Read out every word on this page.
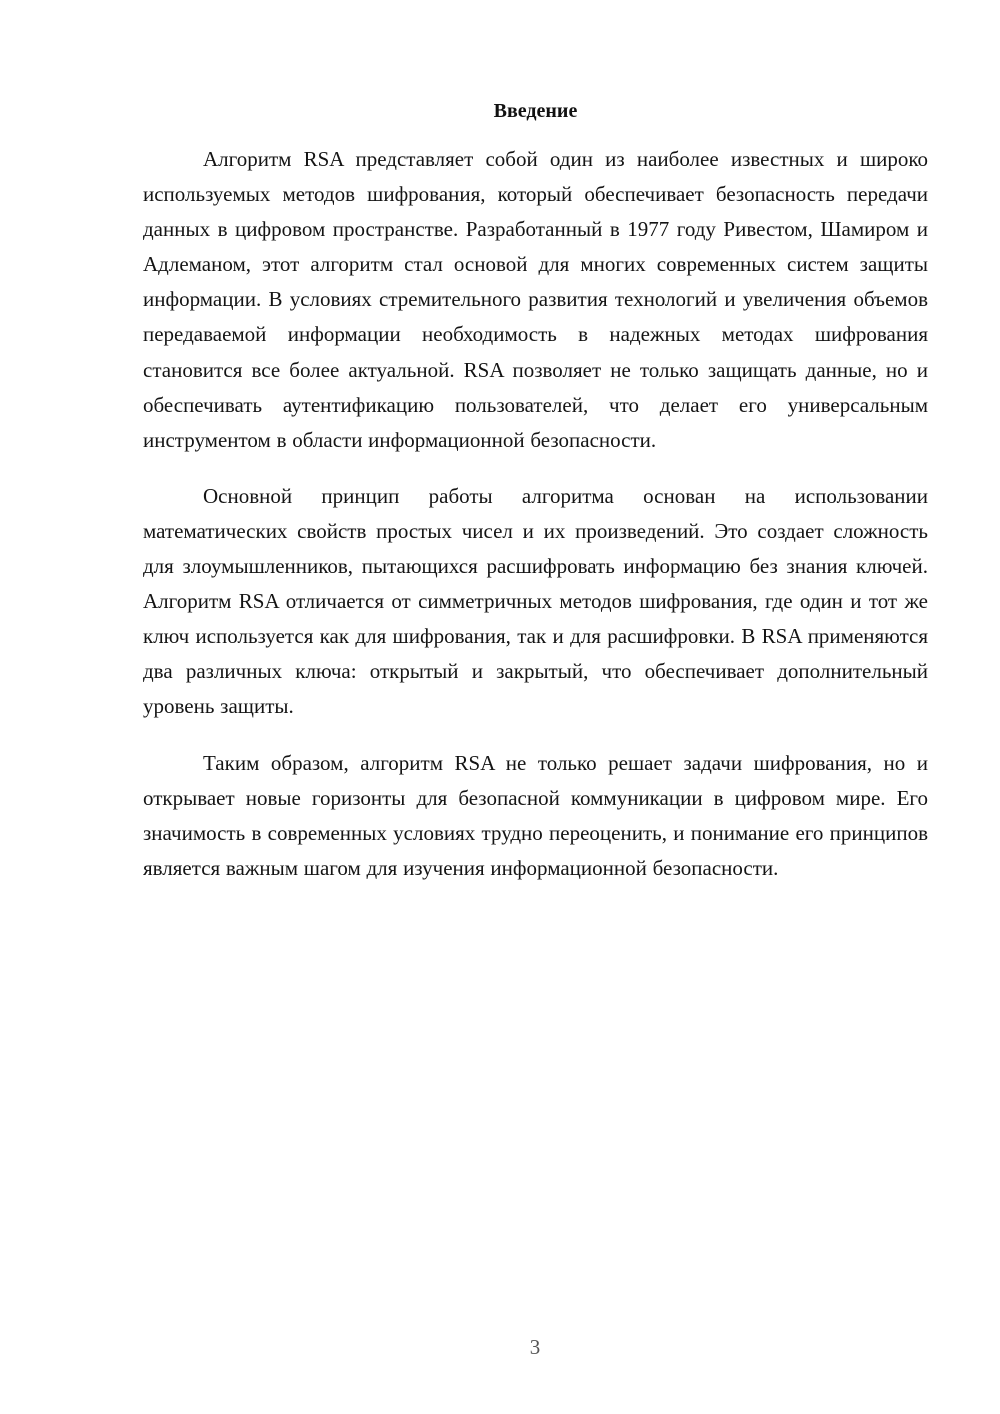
Введение

Алгоритм RSA представляет собой один из наиболее известных и широко используемых методов шифрования, который обеспечивает безопасность передачи данных в цифровом пространстве. Разработанный в 1977 году Ривестом, Шамиром и Адлеманом, этот алгоритм стал основой для многих современных систем защиты информации. В условиях стремительного развития технологий и увеличения объемов передаваемой информации необходимость в надежных методах шифрования становится все более актуальной. RSA позволяет не только защищать данные, но и обеспечивать аутентификацию пользователей, что делает его универсальным инструментом в области информационной безопасности.

Основной принцип работы алгоритма основан на использовании математических свойств простых чисел и их произведений. Это создает сложность для злоумышленников, пытающихся расшифровать информацию без знания ключей. Алгоритм RSA отличается от симметричных методов шифрования, где один и тот же ключ используется как для шифрования, так и для расшифровки. В RSA применяются два различных ключа: открытый и закрытый, что обеспечивает дополнительный уровень защиты.

Таким образом, алгоритм RSA не только решает задачи шифрования, но и открывает новые горизонты для безопасной коммуникации в цифровом мире. Его значимость в современных условиях трудно переоценить, и понимание его принципов является важным шагом для изучения информационной безопасности.

3
